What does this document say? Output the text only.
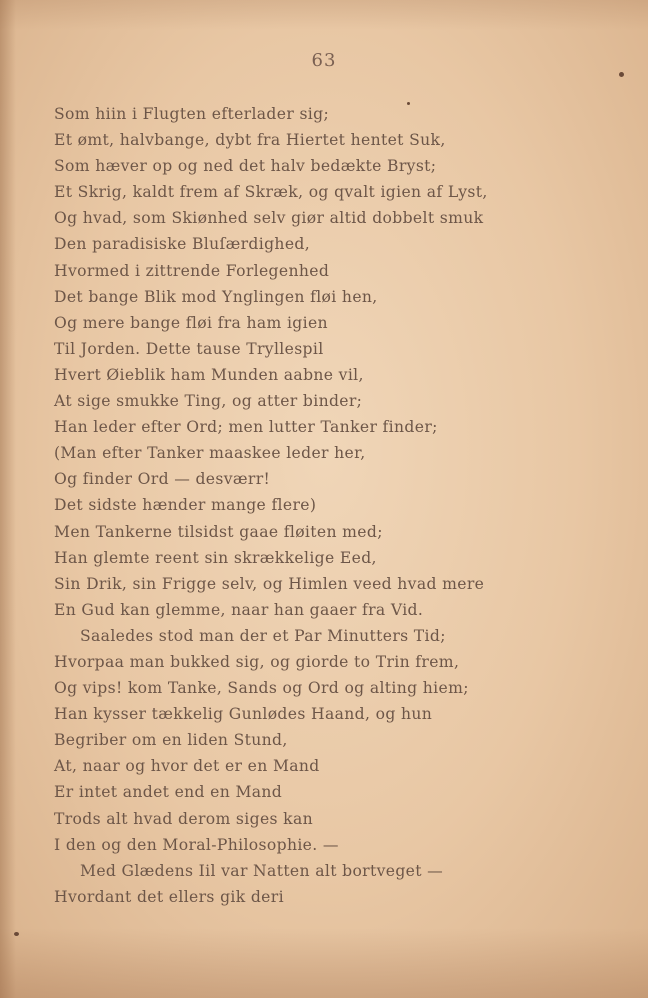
63
Som hiin i Flugten efterlader sig;
Et ømt, halvbange, dybt fra Hiertet hentet Suk,
Som hæver op og ned det halv bedækte Bryst;
Et Skrig, kaldt frem af Skræk, og qvalt igien af Lyst,
Og hvad, som Skiønhed selv giør altid dobbelt smuk
Den paradisiske Bluſærdighed,
Hvormed i zittrende Forlegenhed
Det bange Blik mod Ynglingen fløi hen,
Og mere bange fløi fra ham igien
Til Jorden. Dette tause Tryllespil
Hvert Øieblik ham Munden aabne vil,
At sige smukke Ting, og atter binder;
Han leder efter Ord; men lutter Tanker finder;
(Man efter Tanker maaskee leder her,
Og finder Ord — desværr!
Det sidste hænder mange flere)
Men Tankerne tilsidst gaae fløiten med;
Han glemte reent sin skrækkelige Eed,
Sin Drik, sin Frigge selv, og Himlen veed hvad mere
En Gud kan glemme, naar han gaaer fra Vid.
Saaledes stod man der et Par Minutters Tid;
Hvorpaa man bukked sig, og giorde to Trin frem,
Og vips! kom Tanke, Sands og Ord og alting hiem;
Han kysser tækkelig Gunlødes Haand, og hun
Begriber om en liden Stund,
At, naar og hvor det er en Mand
Er intet andet end en Mand
Trods alt hvad derom siges kan
I den og den Moral-Philosophie. —
Med Glædens Iil var Natten alt bortveget —
Hvordant det ellers gik deri
